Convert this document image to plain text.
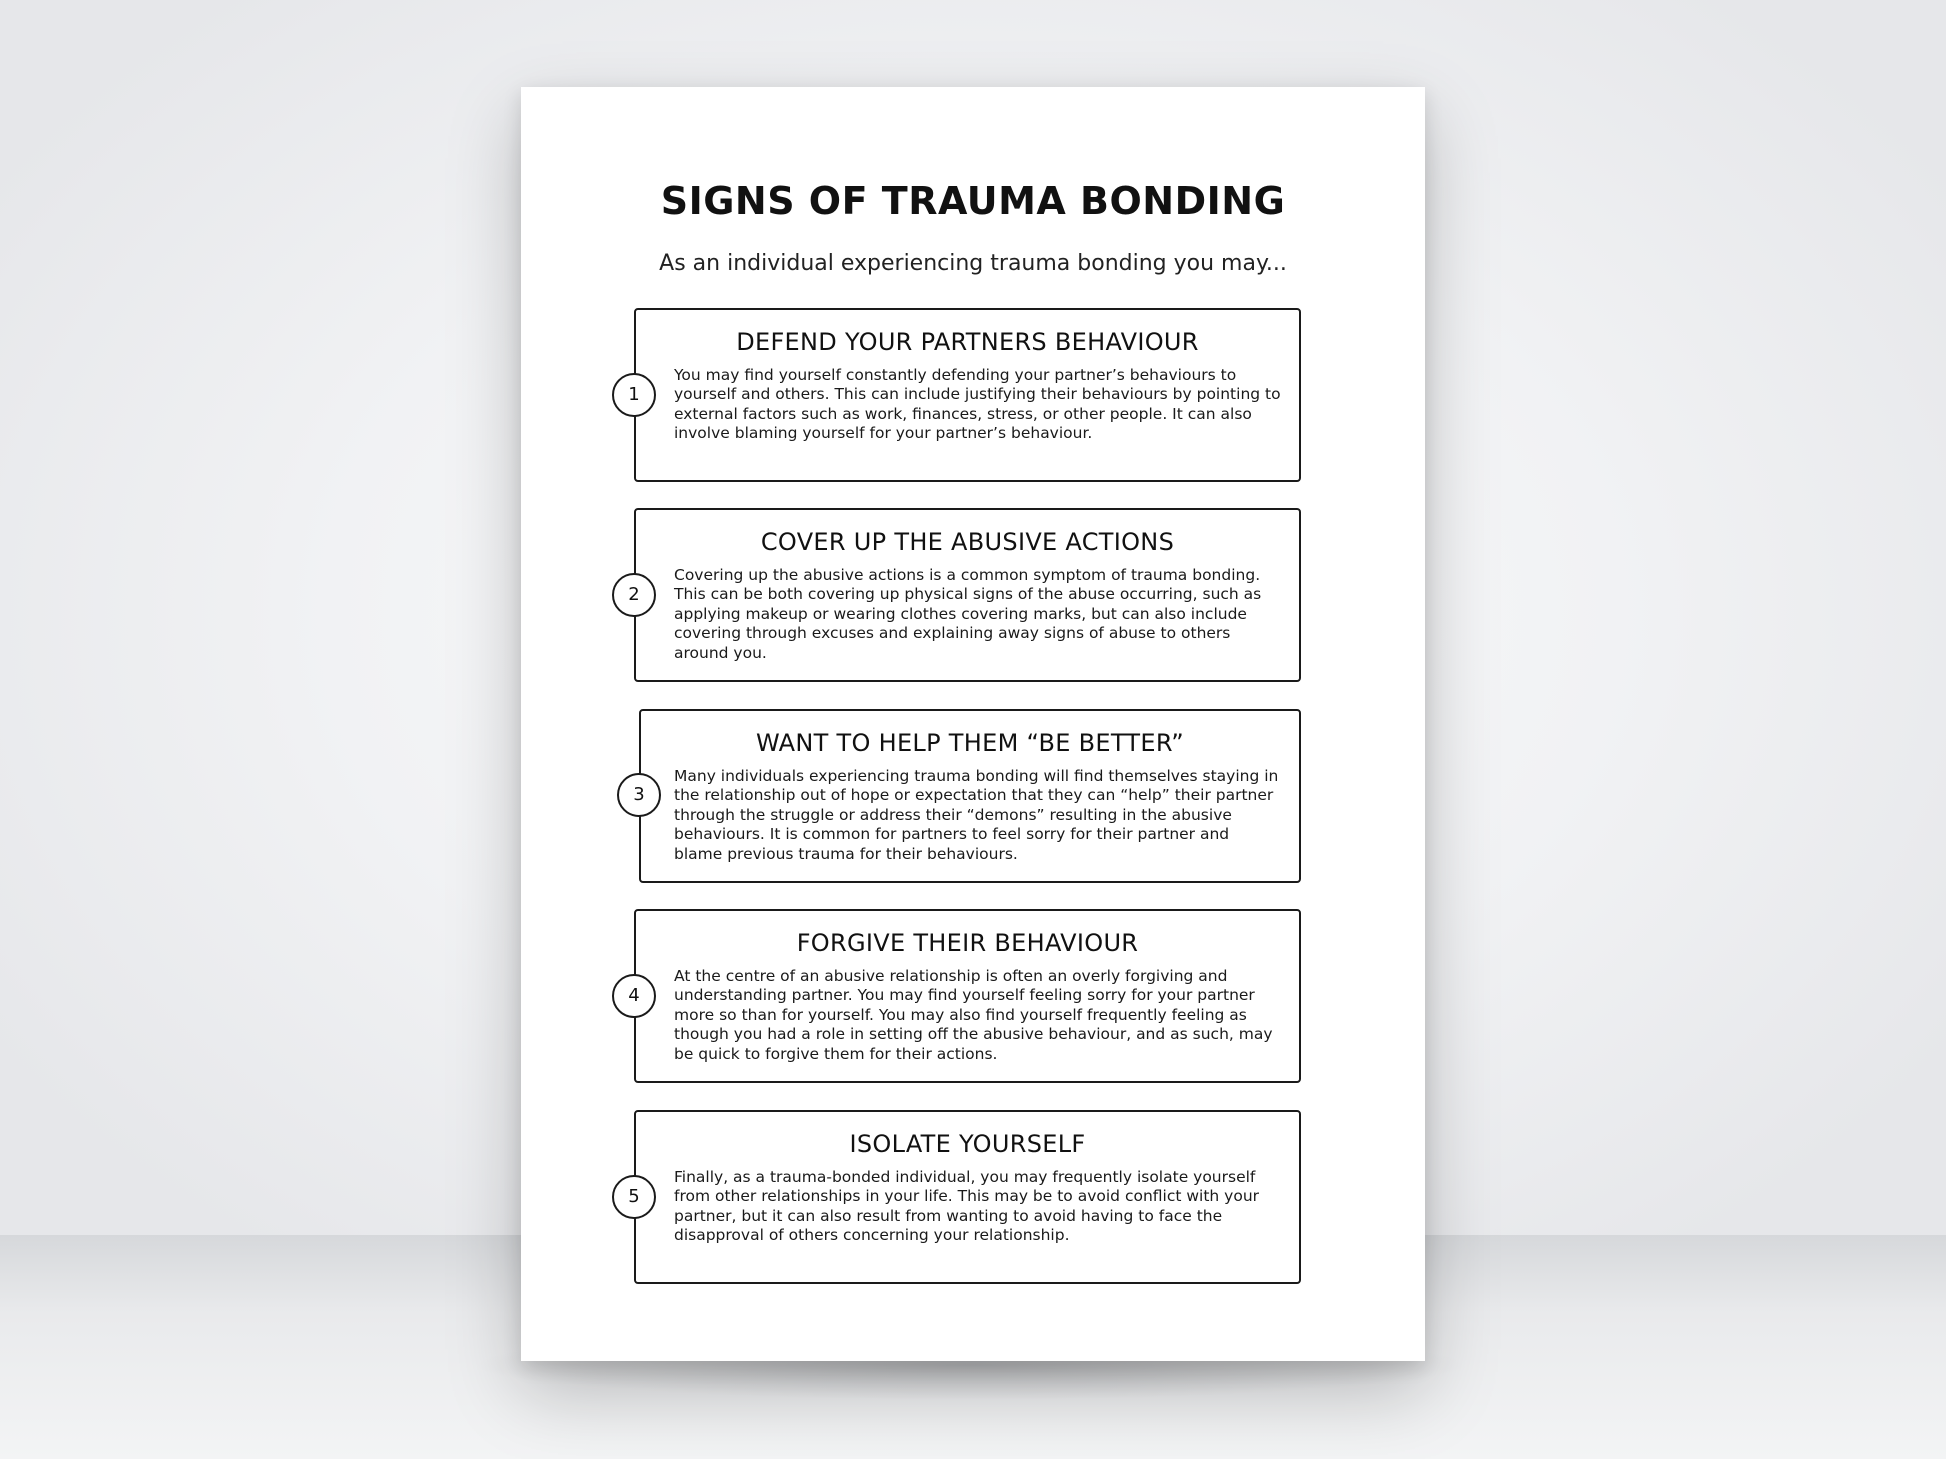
SIGNS OF TRAUMA BONDING
As an individual experiencing trauma bonding you may...
DEFEND YOUR PARTNERS BEHAVIOUR
You may find yourself constantly defending your partner’s behaviours to yourself and others. This can include justifying their behaviours by pointing to external factors such as work, finances, stress, or other people. It can also involve blaming yourself for your partner’s behaviour.
1
COVER UP THE ABUSIVE ACTIONS
Covering up the abusive actions is a common symptom of trauma bonding. This can be both covering up physical signs of the abuse occurring, such as applying makeup or wearing clothes covering marks, but can also include covering through excuses and explaining away signs of abuse to others around you.
2
WANT TO HELP THEM “BE BETTER”
Many individuals experiencing trauma bonding will find themselves staying in the relationship out of hope or expectation that they can “help” their partner through the struggle or address their “demons” resulting in the abusive behaviours. It is common for partners to feel sorry for their partner and blame previous trauma for their behaviours.
3
FORGIVE THEIR BEHAVIOUR
At the centre of an abusive relationship is often an overly forgiving and understanding partner. You may find yourself feeling sorry for your partner more so than for yourself. You may also find yourself frequently feeling as though you had a role in setting off the abusive behaviour, and as such, may be quick to forgive them for their actions.
4
ISOLATE YOURSELF
Finally, as a trauma-bonded individual, you may frequently isolate yourself from other relationships in your life. This may be to avoid conflict with your partner, but it can also result from wanting to avoid having to face the disapproval of others concerning your relationship.
5
